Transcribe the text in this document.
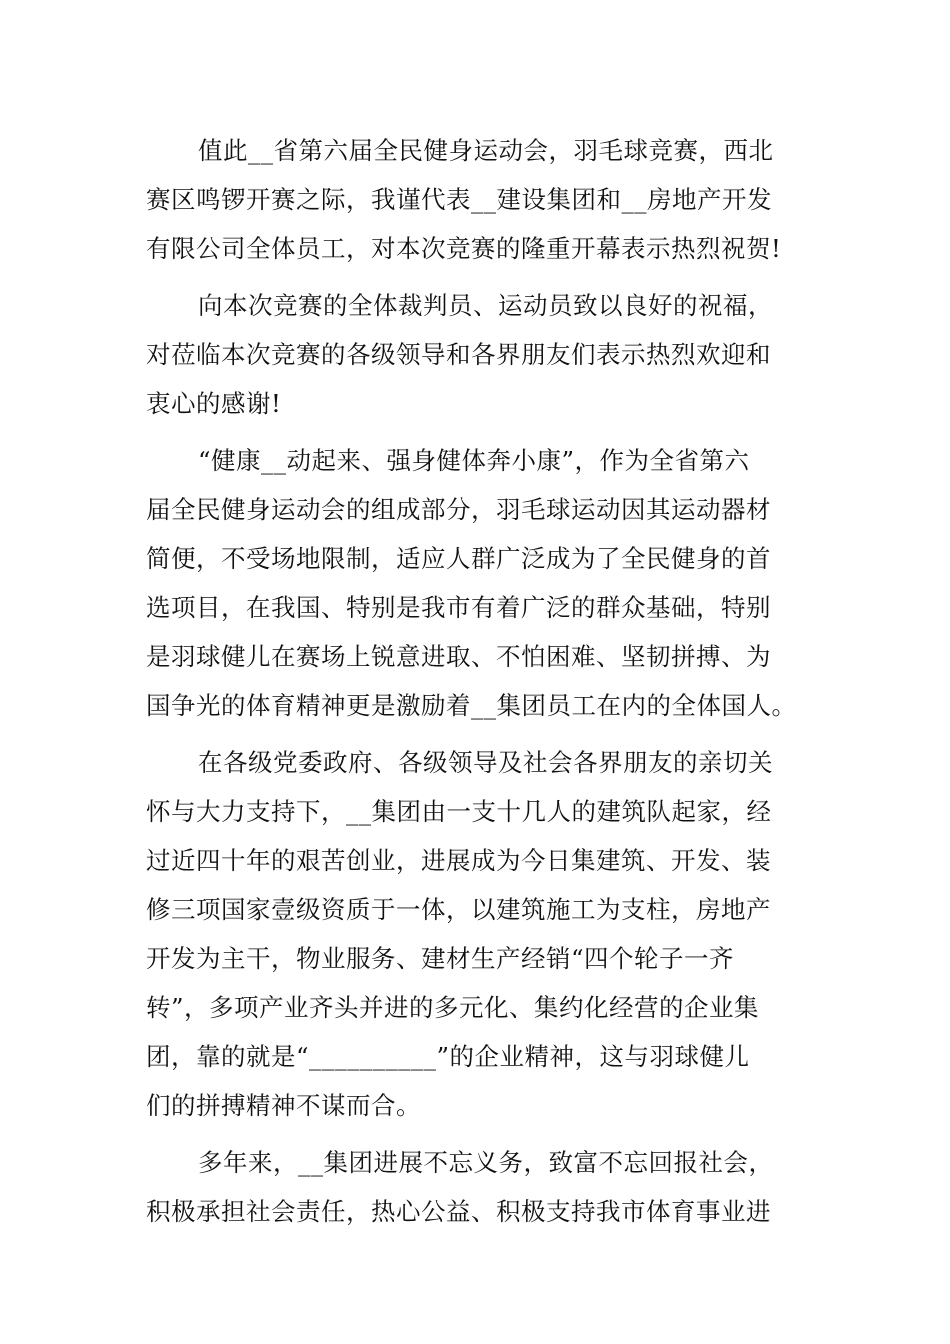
值此__省第六届全民健身运动会，羽毛球竞赛，西北
赛区鸣锣开赛之际，我谨代表__建设集团和__房地产开发
有限公司全体员工，对本次竞赛的隆重开幕表示热烈祝贺!
向本次竞赛的全体裁判员、运动员致以良好的祝福，
对莅临本次竞赛的各级领导和各界朋友们表示热烈欢迎和
衷心的感谢!
“健康__动起来、强身健体奔小康”，作为全省第六
届全民健身运动会的组成部分，羽毛球运动因其运动器材
简便，不受场地限制，适应人群广泛成为了全民健身的首
选项目，在我国、特别是我市有着广泛的群众基础，特别
是羽球健儿在赛场上锐意进取、不怕困难、坚韧拼搏、为
国争光的体育精神更是激励着__集团员工在内的全体国人。
在各级党委政府、各级领导及社会各界朋友的亲切关
怀与大力支持下，__集团由一支十几人的建筑队起家，经
过近四十年的艰苦创业，进展成为今日集建筑、开发、装
修三项国家壹级资质于一体，以建筑施工为支柱，房地产
开发为主干，物业服务、建材生产经销“四个轮子一齐
转”，多项产业齐头并进的多元化、集约化经营的企业集
团，靠的就是“__________”的企业精神，这与羽球健儿
们的拼搏精神不谋而合。
多年来，__集团进展不忘义务，致富不忘回报社会，
积极承担社会责任，热心公益、积极支持我市体育事业进
